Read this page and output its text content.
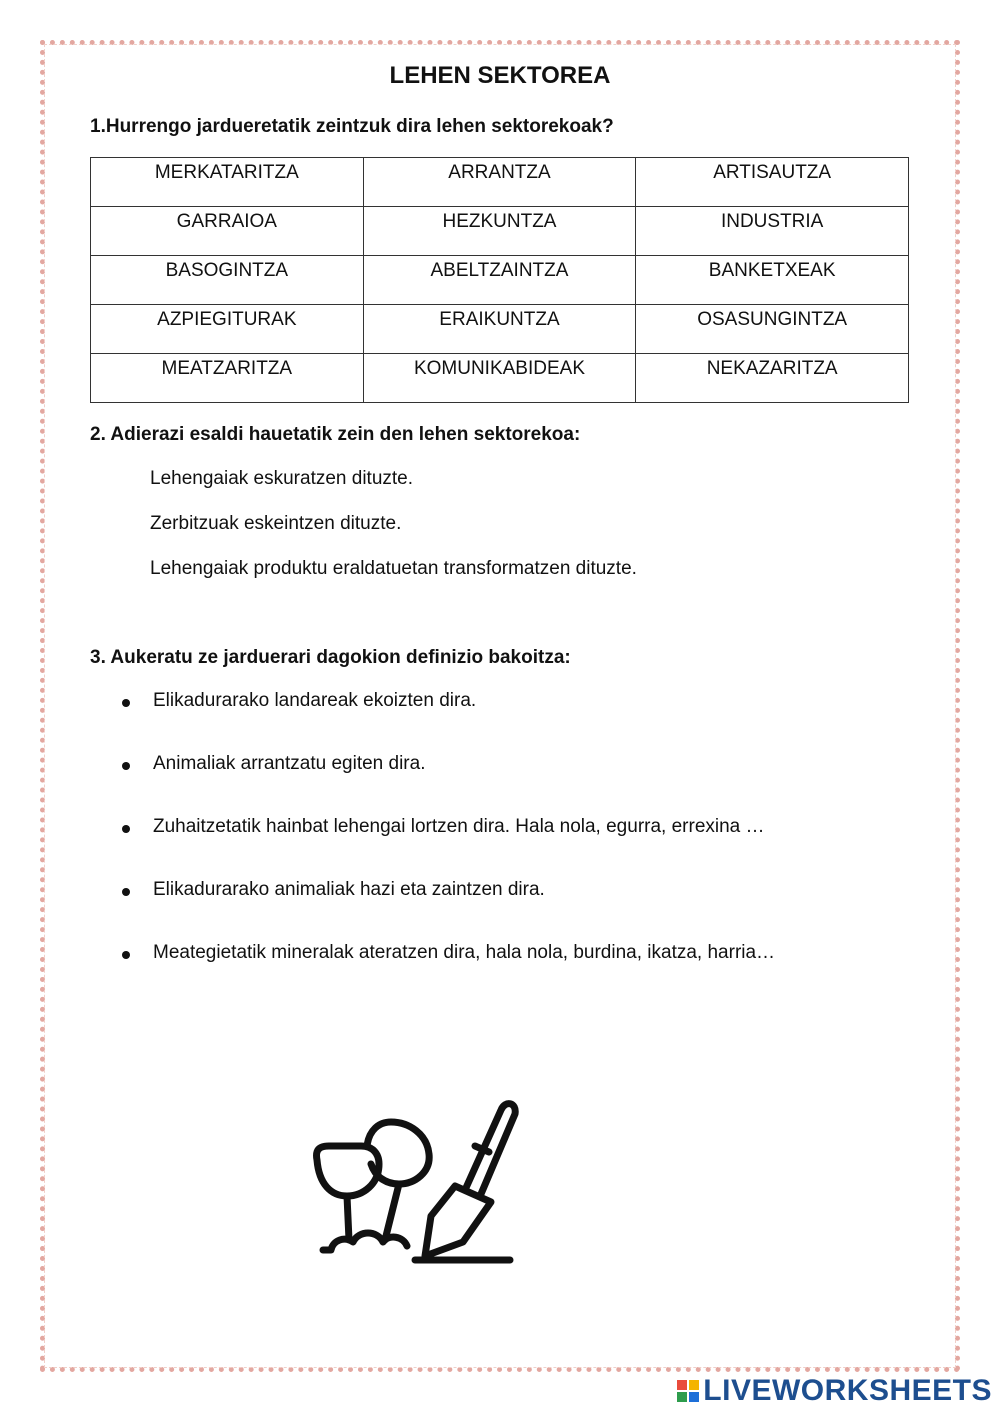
LEHEN SEKTOREA
1.Hurrengo jardueretatik zeintzuk dira lehen sektorekoak?
MERKATARITZA	ARRANTZA	ARTISAUTZA
GARRAIOA	HEZKUNTZA	INDUSTRIA
BASOGINTZA	ABELTZAINTZA	BANKETXEAK
AZPIEGITURAK	ERAIKUNTZA	OSASUNGINTZA
MEATZARITZA	KOMUNIKABIDEAK	NEKAZARITZA
2. Adierazi esaldi hauetatik zein den lehen sektorekoa:
Lehengaiak eskuratzen dituzte.
Zerbitzuak eskeintzen dituzte.
Lehengaiak produktu eraldatuetan transformatzen dituzte.
3. Aukeratu ze jarduerari dagokion definizio bakoitza:
Elikadurarako landareak ekoizten dira.
Animaliak arrantzatu egiten dira.
Zuhaitzetatik hainbat lehengai lortzen dira. Hala nola, egurra, errexina …
Elikadurarako animaliak hazi eta zaintzen dira.
Meategietatik mineralak ateratzen dira, hala nola, burdina, ikatza, harria…
LIVEWORKSHEETS
